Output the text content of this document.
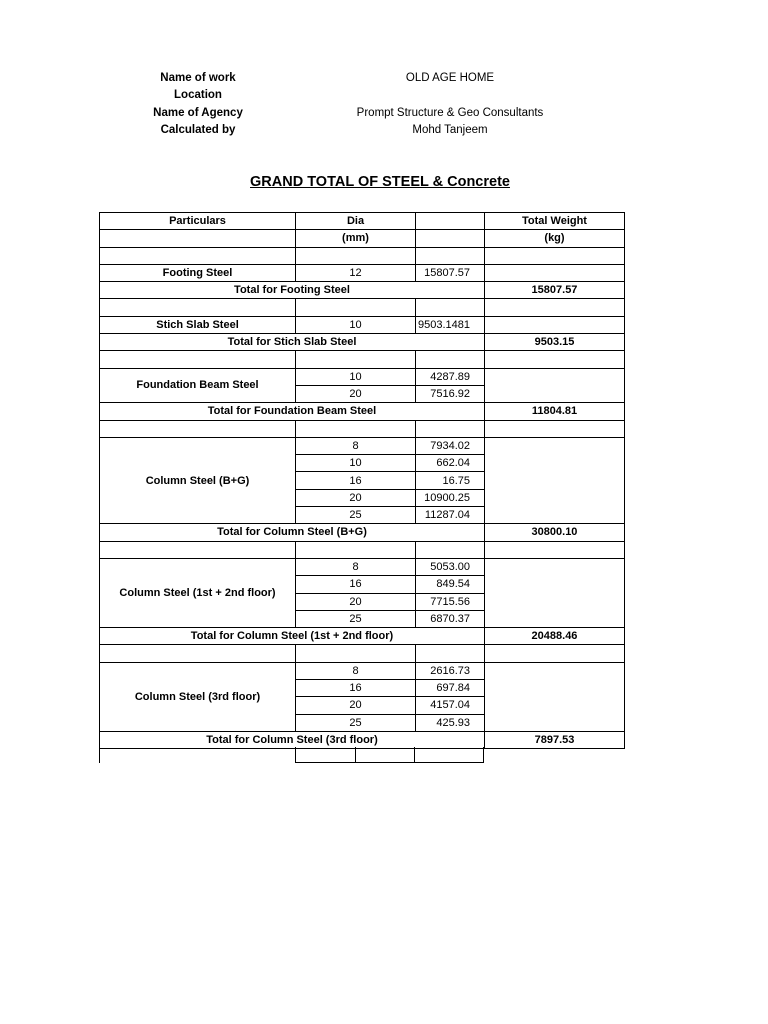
Name of work	OLD AGE HOME
Location
Name of Agency	Prompt Structure & Geo Consultants
Calculated by	Mohd Tanjeem
GRAND TOTAL OF STEEL & Concrete
Particulars	Dia		Total Weight
	(mm)		(kg)

Footing Steel	12	15807.57	
Total for Footing Steel			15807.57

Stich Slab Steel	10	9503.1481	
Total for Stich Slab Steel			9503.15

Foundation Beam Steel	10	4287.89	
	20	7516.92	
Total for Foundation Beam Steel			11804.81

Column Steel (B+G)	8	7934.02	
	10	662.04	
	16	16.75	
	20	10900.25	
	25	11287.04	
Total for Column Steel (B+G)			30800.10

Column Steel (1st + 2nd floor)	8	5053.00	
	16	849.54	
	20	7715.56	
	25	6870.37	
Total for Column Steel (1st + 2nd floor)			20488.46

Column Steel (3rd floor)	8	2616.73	
	16	697.84	
	20	4157.04	
	25	425.93	
Total for Column Steel (3rd floor)			7897.53
